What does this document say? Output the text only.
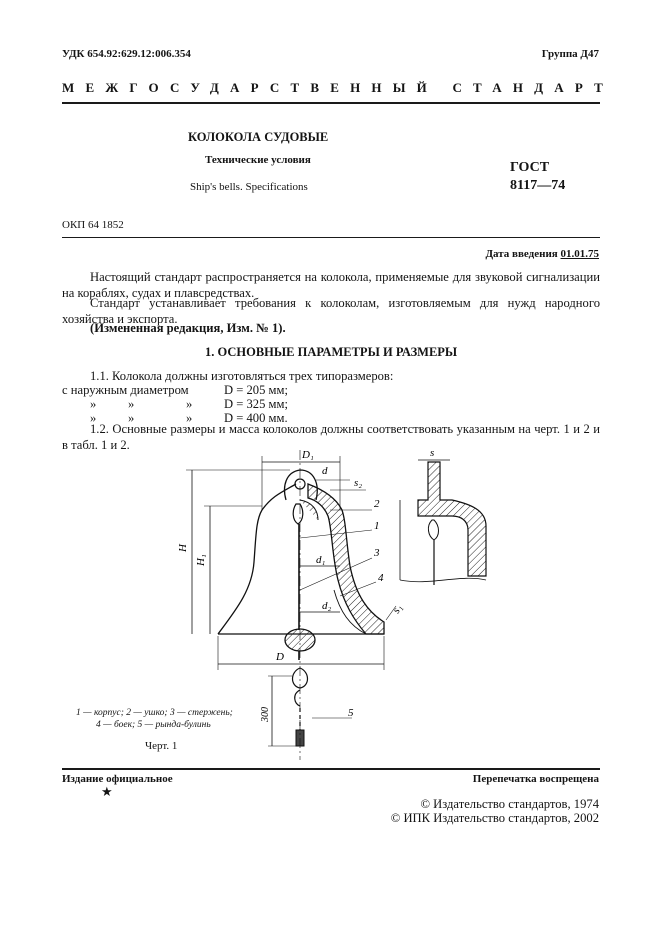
УДК 654.92:629.12:006.354	Группа Д47
МЕЖГОСУДАРСТВЕННЫЙ СТАНДАРТ
КОЛОКОЛА СУДОВЫЕ
Технические условия
Ship's bells. Specifications
ГОСТ
8117—74
ОКП 64 1852
Дата введения 01.01.75
Настоящий стандарт распространяется на колокола, применяемые для звуковой сигнализации на кораблях, судах и плавсредствах.
Стандарт устанавливает требования к колоколам, изготовляемым для нужд народного хозяйства и экспорта.
(Измененная редакция, Изм. № 1).
1. ОСНОВНЫЕ ПАРАМЕТРЫ И РАЗМЕРЫ
1.1. Колокола должны изготовляться трех типоразмеров:
с наружным диаметром	D = 205 мм;
»	»	»	D = 325 мм;
»	»	»	D = 400 мм.
1.2. Основные размеры и масса колоколов должны соответствовать указанным на черт. 1 и 2 и в табл. 1 и 2.
D₁
d
s₂
H
H₁	d₁
d₂
D
s₁
s
300
2
1
3
4
5
1 — корпус; 2 — ушко; 3 — стержень;
4 — боек; 5 — рында-булинь
Черт. 1
Издание официальное	Перепечатка воспрещена
★
© Издательство стандартов, 1974
© ИПК Издательство стандартов, 2002
